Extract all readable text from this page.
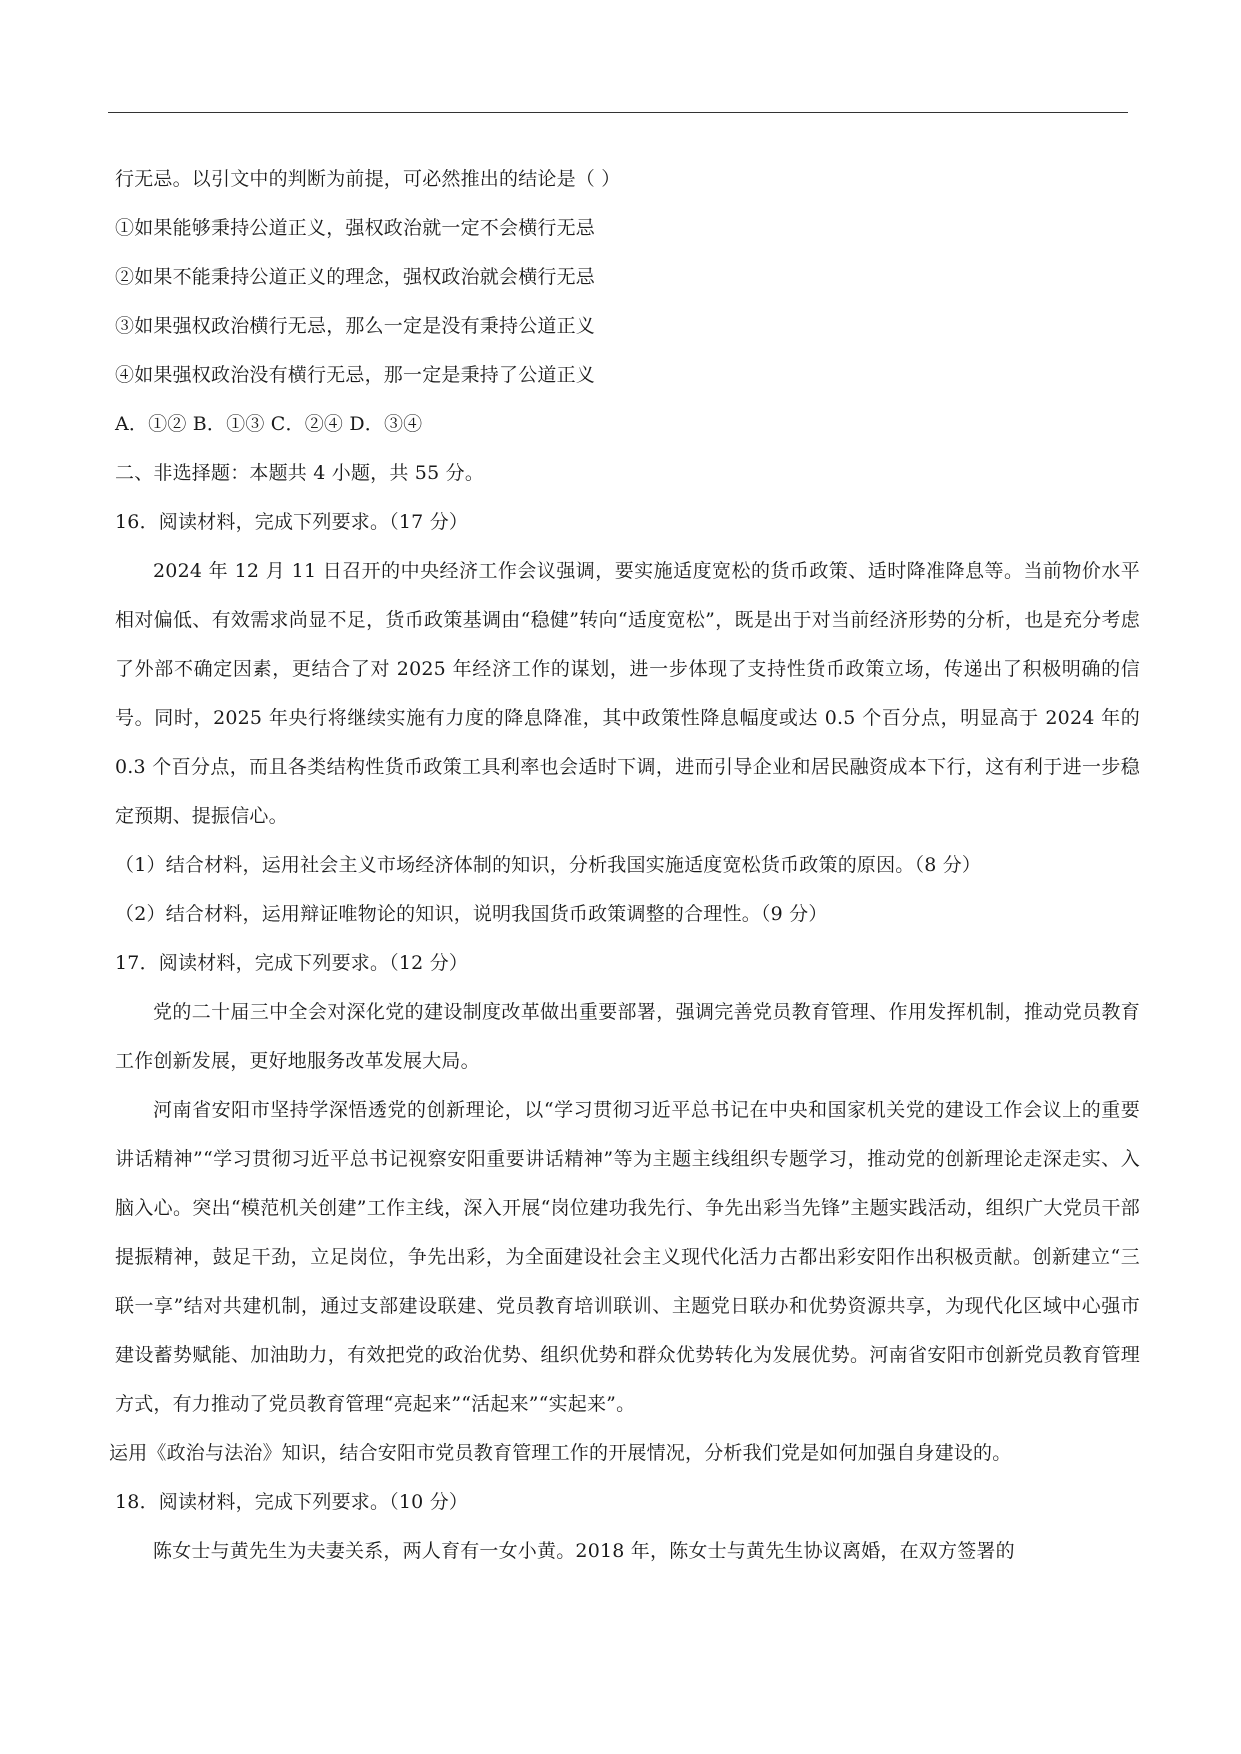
行无忌。以引文中的判断为前提，可必然推出的结论是（ ）
①如果能够秉持公道正义，强权政治就一定不会横行无忌
②如果不能秉持公道正义的理念，强权政治就会横行无忌
③如果强权政治横行无忌，那么一定是没有秉持公道正义
④如果强权政治没有横行无忌，那一定是秉持了公道正义
A．①② B．①③ C．②④ D．③④
二、非选择题：本题共 4 小题，共 55 分。
16．阅读材料，完成下列要求。（17 分）
2024 年 12 月 11 日召开的中央经济工作会议强调，要实施适度宽松的货币政策、适时降准降息等。当前物价水平相对偏低、有效需求尚显不足，货币政策基调由“稳健”转向“适度宽松”，既是出于对当前经济形势的分析，也是充分考虑了外部不确定因素，更结合了对 2025 年经济工作的谋划，进一步体现了支持性货币政策立场，传递出了积极明确的信号。同时，2025 年央行将继续实施有力度的降息降准，其中政策性降息幅度或达 0.5 个百分点，明显高于 2024 年的 0.3 个百分点，而且各类结构性货币政策工具利率也会适时下调，进而引导企业和居民融资成本下行，这有利于进一步稳定预期、提振信心。
（1）结合材料，运用社会主义市场经济体制的知识，分析我国实施适度宽松货币政策的原因。（8 分）
（2）结合材料，运用辩证唯物论的知识，说明我国货币政策调整的合理性。（9 分）
17．阅读材料，完成下列要求。（12 分）
党的二十届三中全会对深化党的建设制度改革做出重要部署，强调完善党员教育管理、作用发挥机制，推动党员教育工作创新发展，更好地服务改革发展大局。
河南省安阳市坚持学深悟透党的创新理论，以“学习贯彻习近平总书记在中央和国家机关党的建设工作会议上的重要讲话精神”“学习贯彻习近平总书记视察安阳重要讲话精神”等为主题主线组织专题学习，推动党的创新理论走深走实、入脑入心。突出“模范机关创建”工作主线，深入开展“岗位建功我先行、争先出彩当先锋”主题实践活动，组织广大党员干部提振精神，鼓足干劲，立足岗位，争先出彩，为全面建设社会主义现代化活力古都出彩安阳作出积极贡献。创新建立“三联一享”结对共建机制，通过支部建设联建、党员教育培训联训、主题党日联办和优势资源共享，为现代化区域中心强市建设蓄势赋能、加油助力，有效把党的政治优势、组织优势和群众优势转化为发展优势。河南省安阳市创新党员教育管理方式，有力推动了党员教育管理“亮起来”“活起来”“实起来”。
运用《政治与法治》知识，结合安阳市党员教育管理工作的开展情况，分析我们党是如何加强自身建设的。
18．阅读材料，完成下列要求。（10 分）
陈女士与黄先生为夫妻关系，两人育有一女小黄。2018 年，陈女士与黄先生协议离婚，在双方签署的
